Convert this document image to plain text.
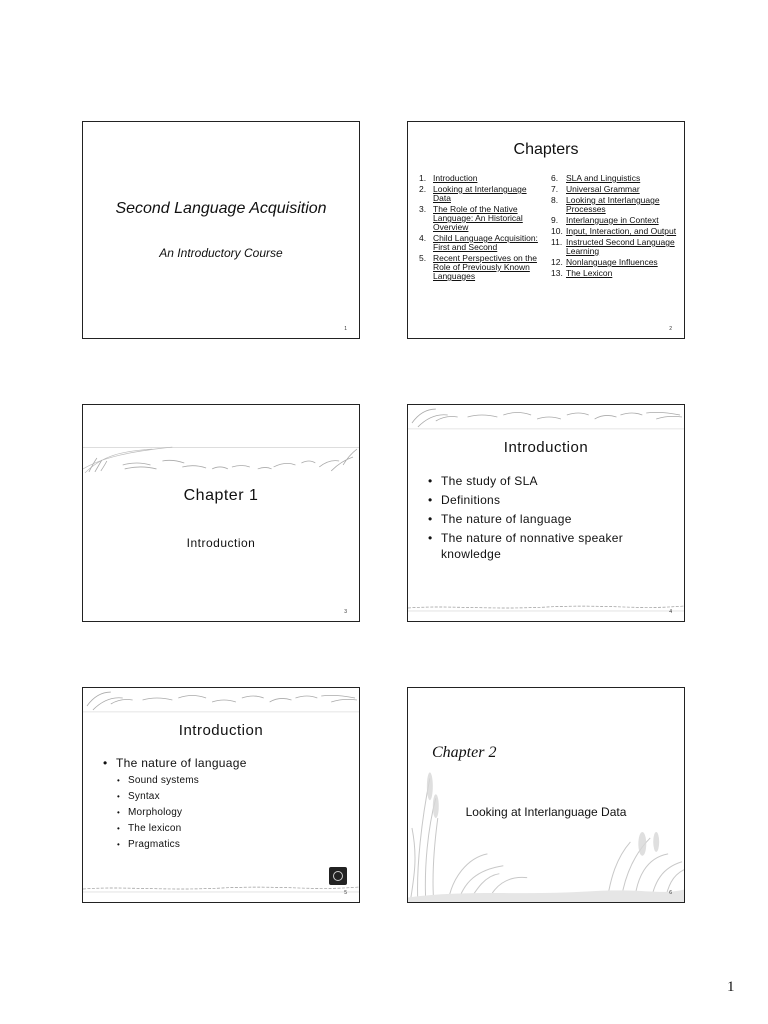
Second Language Acquisition
An Introductory Course
1
Chapters
1. Introduction
2. Looking at Interlanguage Data
3. The Role of the Native Language: An Historical Overview
4. Child Language Acquisition: First and Second
5. Recent Perspectives on the Role of Previously Known Languages
6. SLA and Linguistics
7. Universal Grammar
8. Looking at Interlanguage Processes
9. Interlanguage in Context
10. Input, Interaction, and Output
11. Instructed Second Language Learning
12. Nonlanguage Influences
13. The Lexicon
2
Chapter 1
Introduction
3
Introduction
• The study of SLA
• Definitions
• The nature of language
• The nature of nonnative speaker knowledge
4
Introduction
• The nature of language
• Sound systems
• Syntax
• Morphology
• The lexicon
• Pragmatics
5
Chapter 2
Looking at Interlanguage Data
6
1
